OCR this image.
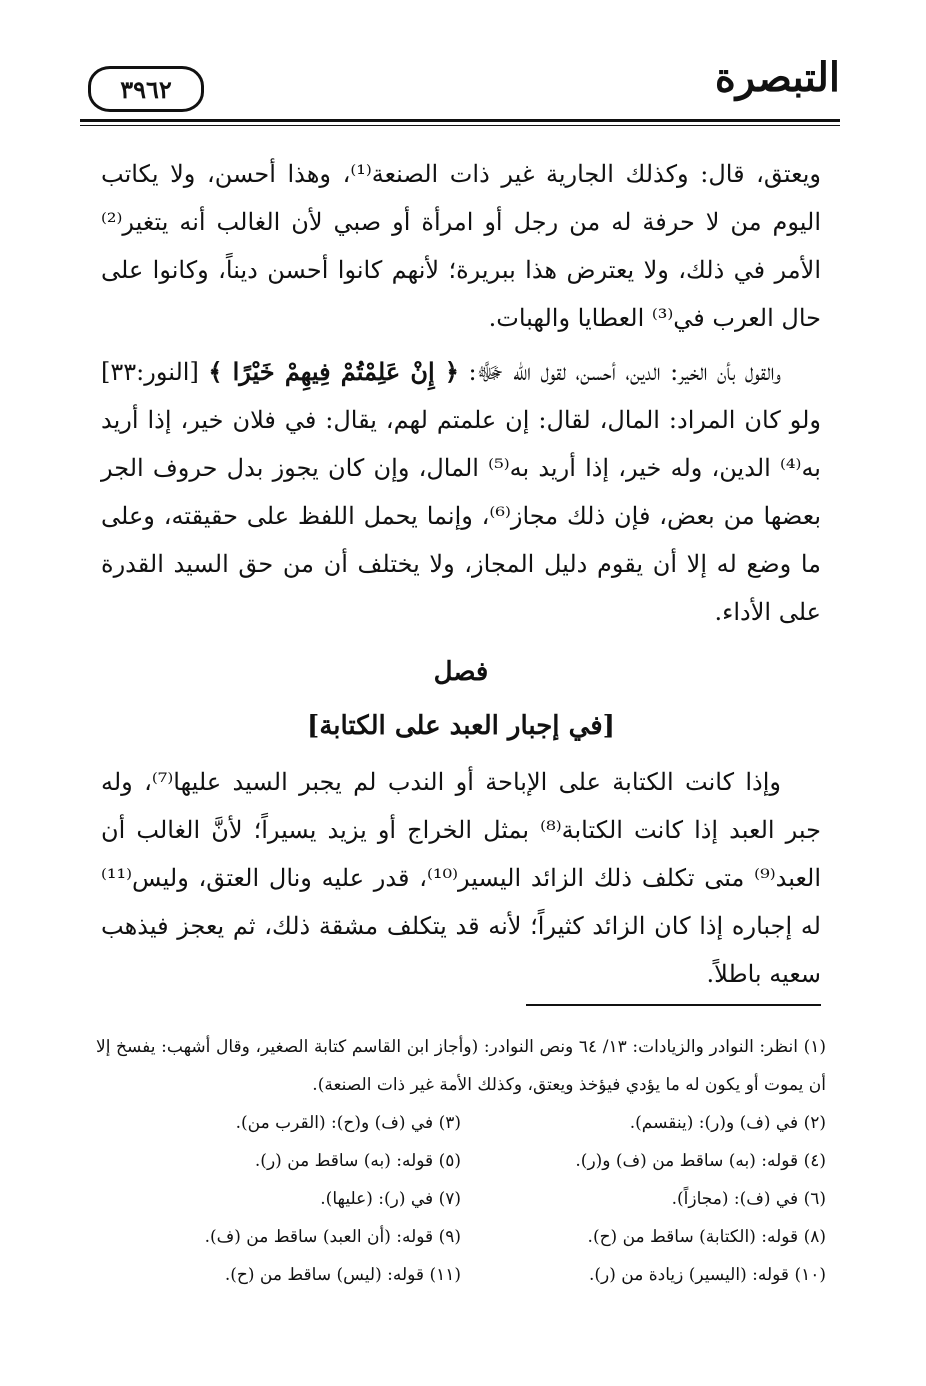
التبصرة
٣٩٦٢

ويعتق، قال: وكذلك الجارية غير ذات الصنعة⁽¹⁾، وهذا أحسن، ولا يكاتب اليوم من لا حرفة له من رجل أو امرأة أو صبي لأن الغالب أنه يتغير⁽²⁾ الأمر في ذلك، ولا يعترض هذا ببريرة؛ لأنهم كانوا أحسن ديناً، وكانوا على حال العرب في⁽³⁾ العطايا والهبات.

والقول بأن الخير: الدين، أحسن، لقول الله ﷻ: ﴿ إِنْ عَلِمْتُمْ فِيهِمْ خَيْرًا ﴾ [النور:٣٣] ولو كان المراد: المال، لقال: إن علمتم لهم، يقال: في فلان خير، إذا أريد به⁽⁴⁾ الدين، وله خير، إذا أريد به⁽⁵⁾ المال، وإن كان يجوز بدل حروف الجر بعضها من بعض، فإن ذلك مجاز⁽⁶⁾، وإنما يحمل اللفظ على حقيقته، وعلى ما وضع له إلا أن يقوم دليل المجاز، ولا يختلف أن من حق السيد القدرة على الأداء.

فصل
[في إجبار العبد على الكتابة]

وإذا كانت الكتابة على الإباحة أو الندب لم يجبر السيد عليها⁽⁷⁾، وله جبر العبد إذا كانت الكتابة⁽⁸⁾ بمثل الخراج أو يزيد يسيراً؛ لأنَّ الغالب أن العبد⁽⁹⁾ متى تكلف ذلك الزائد اليسير⁽¹⁰⁾، قدر عليه ونال العتق، وليس⁽¹¹⁾ له إجباره إذا كان الزائد كثيراً؛ لأنه قد يتكلف مشقة ذلك، ثم يعجز فيذهب سعيه باطلاً.

(١) انظر: النوادر والزيادات: ١٣/ ٦٤ ونص النوادر: (وأجاز ابن القاسم كتابة الصغير، وقال أشهب: يفسخ إلا أن يموت أو يكون له ما يؤدي فيؤخذ ويعتق، وكذلك الأمة غير ذات الصنعة).
(٢) في (ف) و(ر): (ينقسم).
(٣) في (ف) و(ح): (القرب من).
(٤) قوله: (به) ساقط من (ف) و(ر).
(٥) قوله: (به) ساقط من (ر).
(٦) في (ف): (مجازاً).
(٧) في (ر): (عليها).
(٨) قوله: (الكتابة) ساقط من (ح).
(٩) قوله: (أن العبد) ساقط من (ف).
(١٠) قوله: (اليسير) زيادة من (ر).
(١١) قوله: (ليس) ساقط من (ح).
